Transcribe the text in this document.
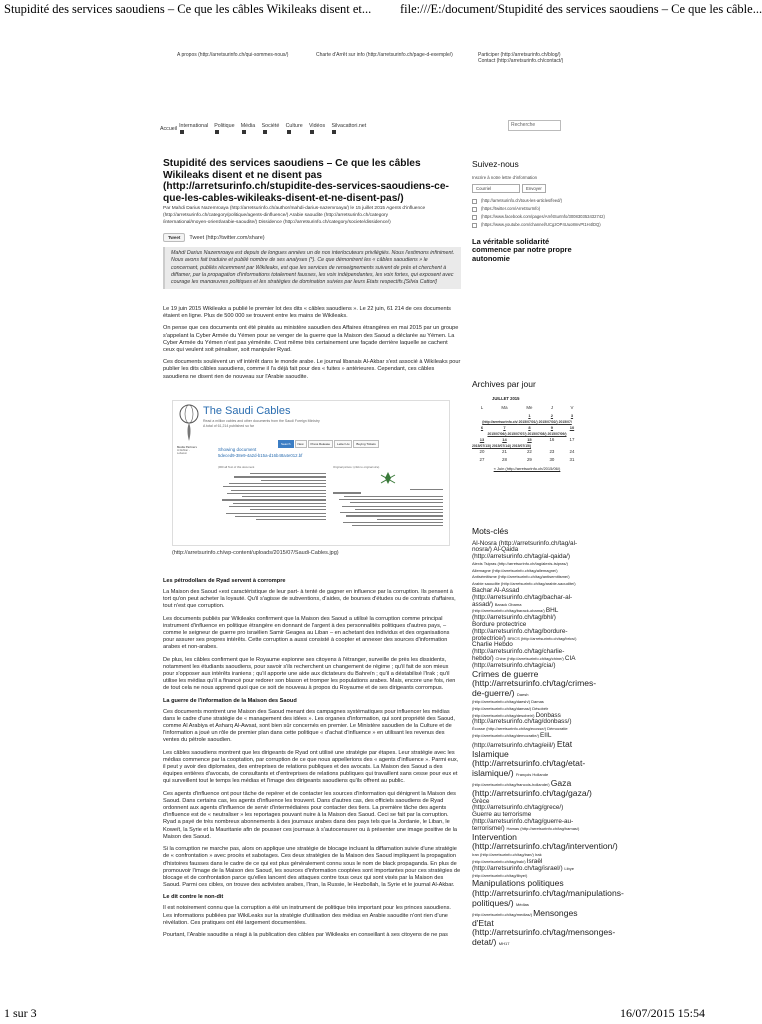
Stupidité des services saoudiens – Ce que les câbles Wikileaks disent et...	file:///E:/document/Stupidité des services saoudiens – Ce que les câble...
A propos (http://arretsurinfo.ch/qui-sommes-nous/)	Charte d'Arrêt sur info (http://arretsurinfo.ch/page-d-exemple/)	Participer (http://arretsurinfo.ch/blog/)
Contact (http://arretsurinfo.ch/contact/)
Accueil International	Politique	Média	Société	Culture	Vidéos	Silvacattori.net	Recherche
Stupidité des services saoudiens – Ce que les câbles Wikileaks disent et ne disent pas (http://arretsurinfo.ch/stupidite-des-services-saoudiens-ce-que-les-cables-wikileaks-disent-et-ne-disent-pas/)
Par Mahdi Darius Nazemroaya (http://arretsurinfo.ch/author/mahdi-darius-nazemroaya/) le 15 juillet 2015 Agents d'influence
(http://arretsurinfo.ch/category/politique/agents-dinfluence/) Arabie saoudite (http://arretsurinfo.ch/category
/international/moyen-orient/arabie-saoudite/) Dissidence (http://arretsurinfo.ch/category/societe/dissidence/)
Tweet	Tweet (http://twitter.com/share)
Mahdi Darius Nazemroaya est depuis de longues années un de nos interlocuteurs privilégiés. Nous l'estimons infiniment. Nous avons fait traduire et publié nombre de ses analyses (*). Ce que démontrent les « câbles saoudiens » le concernant, publiés récemment par Wikileaks, est que les services de renseignements suivent de près et cherchent à diffamer, par la propagation d'informations totalement fausses, les voix indépendantes, les voix fortes, qui exposent avec courage les manœuvres politiques et les stratégies de domination suivies par leurs Etats respectifs.[Silvia Cattori]

Le 19 juin 2015 Wikileaks a publié le premier lot des dits « câbles saoudiens ». Le 22 juin, 61 214 de ces documents étaient en ligne. Plus de 500 000 se trouvent entre les mains de Wikileaks.

On pense que ces documents ont été piratés au ministère saoudien des Affaires étrangères en mai 2015 par un groupe s'appelant la Cyber Armée du Yémen pour se venger de la guerre que la Maison des Saoud a déclarée au Yémen. La Cyber Armée du Yémen n'est pas yéménite. C'est même très certainement une façade derrière laquelle se cachent ceux qui veulent soit pénaliser, soit manipuler Ryad.

Ces documents soulèvent un vif intérêt dans le monde arabe. Le journal libanais Al-Akbar s'est associé à Wikileaks pour publier les dits câbles saoudiens, comme il l'a déjà fait pour des « fuites » antérieures. Cependant, ces câbles saoudiens ne disent rien de nouveau sur l'Arabie saoudite.

The Saudi Cables
Read a million cables and other documents from the Saudi Foreign Ministry
A total of 61,214 published so far
Search New Press Release Letter Hu Buying Tickets
Media Partners
Al Akhbar - Lebanon
Showing document
5deced9-38e9-4a2d-b15a-d16b48a4e012.bf
(000 all Text of this document	Original picture: (click to original size)
(http://arretsurinfo.ch/wp-content/uploads/2015/07/Saudi-Cables.jpg)
Les pétrodollars de Ryad servent à corrompre

La Maison des Saoud «est caractéristique de leur part- à tenté de gagner en influence par la corruption. Ils pensent à tort qu'on peut acheter la loyauté. Qu'il s'agisse de subventions, d'aides, de bourses d'études ou de contrats d'affaires, tout n'est que corruption.

Les documents publiés par Wikileaks confirment que la Maison des Saoud a utilisé la corruption comme principal instrument d'influence en politique étrangère en donnant de l'argent à des personnalités politiques d'autres pays, – comme le seigneur de guerre pro israélien Samir Geagea au Liban – en achetant des individus et des organisations pour assurer ses propres intérêts. Cette corruption a aussi consisté à coopter et annexer des sources d'information arabes et non-arabes.

De plus, les câbles confirment que le Royaume espionne ses citoyens à l'étranger, surveille de près les dissidents, notamment les étudiants saoudiens, pour savoir s'ils recherchent un changement de régime ; qu'il fait de son mieux pour s'opposer aux intérêts iraniens ; qu'il apporte une aide aux dictateurs du Bahreïn ; qu'il a déstabilisé l'Irak ; qu'il utilise les médias qu'il a financé pour redorer son blason et tromper les populations arabes. Mais, encore une fois, rien de tout cela ne nous apprend quoi que ce soit de nouveau à propos du Royaume et de ses dirigeants corrompus.

La guerre de l'information de la Maison des Saoud

Ces documents montrent une Maison des Saoud menant des campagnes systématiques pour influencer les médias dans le cadre d'une stratégie de « management des idées ». Les organes d'information, qui sont propriété des Saoud, comme Al Arabiya et Asharq Al-Awsat, sont bien sûr concernés en premier. Le Ministère saoudien de la Culture et de l'information a joué un rôle de premier plan dans cette politique « d'achat d'influence » en utilisant les revenus des ventes du pétrole saoudien.

Les câbles saoudiens montrent que les dirigeants de Ryad ont utilisé une stratégie par étapes. Leur stratégie avec les médias commence par la cooptation, par corruption de ce que nous appellerions des « agents d'influence ». Parmi eux, il peut y avoir des diplomates, des entreprises de relations publiques et des avocats. La Maison des Saoud a des équipes entières d'avocats, de consultants et d'entreprises de relations publiques qui travaillent sans cesse pour eux et qui surveillent tout le temps les médias et l'image des dirigeants saoudiens qu'ils offrent au public.

Ces agents d'influence ont pour tâche de repérer et de contacter les sources d'information qui dénigrent la Maison des Saoud. Dans certains cas, les agents d'influence les trouvent. Dans d'autres cas, des officiels saoudiens de Ryad ordonnent aux agents d'influence de servir d'intermédiaires pour contacter des tiers. La première tâche des agents d'influence est de « neutraliser » les reportages pouvant nuire à la Maison des Saoud. Ceci se fait par la corruption. Ryad a payé de très nombreux abonnements à des journaux arabes dans des pays tels que la Jordanie, le Liban, le Koweït, la Syrie et la Mauritanie afin de pousser ces journaux à s'autocensurer ou à présenter une image positive de la Maison des Saoud.

Si la corruption ne marche pas, alors on applique une stratégie de blocage incluant la diffamation suivie d'une stratégie de « confrontation » avec procès et sabotages. Ces deux stratégies de la Maison des Saoud impliquent la propagation d'histoires fausses dans le cadre de ce qui est plus généralement connu sous le nom de black propaganda. En plus de promouvoir l'image de la Maison des Saoud, les sources d'information cooptées sont importantes pour ces stratégies de blocage et de confrontation parce qu'elles lancent des attaques contre tous ceux qui sont visés par la Maison des Saoud. Parmi ces cibles, on trouve des activistes arabes, l'Iran, la Russie, le Hezbollah, la Syrie et le journal Al-Akbar.

Le dit contre le non-dit

Il est notoirement connu que la corruption a été un instrument de politique très important pour les princes saoudiens. Les informations publiées par WikiLeaks sur la stratégie d'utilisation des médias en Arabie saoudite n'ont rien d'une révélation. Ces pratiques ont été largement documentées.

Pourtant, l'Arabie saoudite a réagi à la publication des câbles par Wikileaks en conseillant à ses citoyens de ne pas

Suivez-nous
Inscrire à notre lettre d'information
Courriel	Envoyer
(http://arretsurinfo.ch/tous-les-articles/feed/)
(https://twitter.com/ArretSurInfo)
(https://www.facebook.com/pages/ArrêtSurInfo/300830353432742)
(https://www.youtube.com/channel/UCgzOP4Uuo8mvPt1H4lDQ)
La véritable solidarité commence par notre propre autonomie
Archives par jour
JUILLET 2015
L	Ma	Me	J	V

		1	2	3

(http://arretsurinfo.ch/ 2015/07/01/) 2015/07/02/) 2015/07/				

6	7	8	9	10

2015/07/06/) 2015/07/07/) 2015/07/08/) 2015/07/09/)				

13	14	15	16	17
2015/07/13/) 2015/07/14/) 2015/07/15/)				
20	21	22	23	24
27	28	29	30	31
« Juin (http://arretsurinfo.ch/2015/06/)
Mots-clés
Al-Nosra (http://arretsurinfo.ch/tag/al-nosra/) Al-Qaida (http://arretsurinfo.ch/tag/al-qaida/) Alexis Tsipras (http://arretsurinfo.ch/tag/alexis-tsipras/) Allemagne (http://arretsurinfo.ch/tag/allemagne/) Antisémitisme (http://arretsurinfo.ch/tag/antisemitisme/) Arabie saoudite (http://arretsurinfo.ch/tag/arabie-saoudite/) Bachar Al-Assad (http://arretsurinfo.ch/tag/bachar-al-assad/) Barack Obama (http://arretsurinfo.ch/tag/barack-obama/) BHL (http://arretsurinfo.ch/tag/bhl/) Bordure protectrice (http://arretsurinfo.ch/tag/bordure-protectrice/) BRICS (http://arretsurinfo.ch/tag/brics/) Charlie Hebdo (http://arretsurinfo.ch/tag/charlie-hebdo/) Chine (http://arretsurinfo.ch/tag/chine/) CIA (http://arretsurinfo.ch/tag/cia/) Crimes de guerre (http://arretsurinfo.ch/tag/crimes-de-guerre/) Daesh (http://arretsurinfo.ch/tag/daesh/) Damas (http://arretsurinfo.ch/tag/damas/) Désobéir (http://arretsurinfo.ch/tag/desobeir/) Donbass (http://arretsurinfo.ch/tag/donbass/) Écosse (http://arretsurinfo.ch/tag/ecosse/) Démocratie (http://arretsurinfo.ch/tag/democratie/) EIIL (http://arretsurinfo.ch/tag/eiil/) Etat Islamique (http://arretsurinfo.ch/tag/etat-islamique/) François Hollande (http://arretsurinfo.ch/tag/francois-hollande/) Gaza (http://arretsurinfo.ch/tag/gaza/) Grèce (http://arretsurinfo.ch/tag/grece/) Guerre au terrorisme (http://arretsurinfo.ch/tag/guerre-au-terrorisme/) Hamas (http://arretsurinfo.ch/tag/hamas/) Intervention (http://arretsurinfo.ch/tag/intervention/) Iran (http://arretsurinfo.ch/tag/iran/) Irak (http://arretsurinfo.ch/tag/irak/) Israël (http://arretsurinfo.ch/tag/israel/) Libye (http://arretsurinfo.ch/tag/libye/) Manipulations politiques (http://arretsurinfo.ch/tag/manipulations-politiques/) Médias (http://arretsurinfo.ch/tag/medias/) Mensonges d'Etat (http://arretsurinfo.ch/tag/mensonges-detat/) MH17
1 sur 3	16/07/2015 15:54
